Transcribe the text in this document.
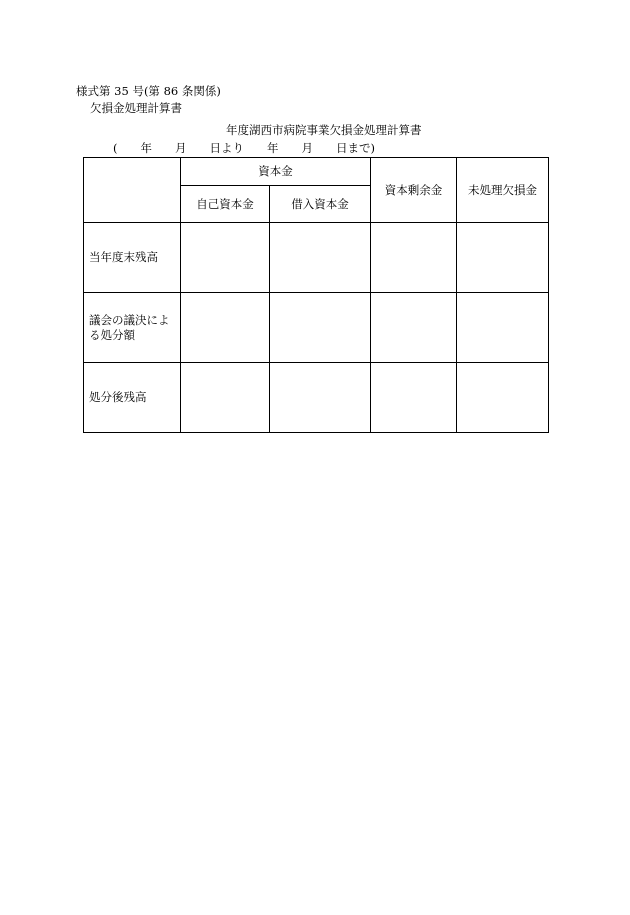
様式第 35 号(第 86 条関係)
欠損金処理計算書
年度湖西市病院事業欠損金処理計算書
(　　年　　月　　日より　　年　　月　　日まで)
	資本金		資本剰余金	未処理欠損金
	自己資本金	借入資本金		
当年度末残高				
議会の議決による処分額				
処分後残高				
